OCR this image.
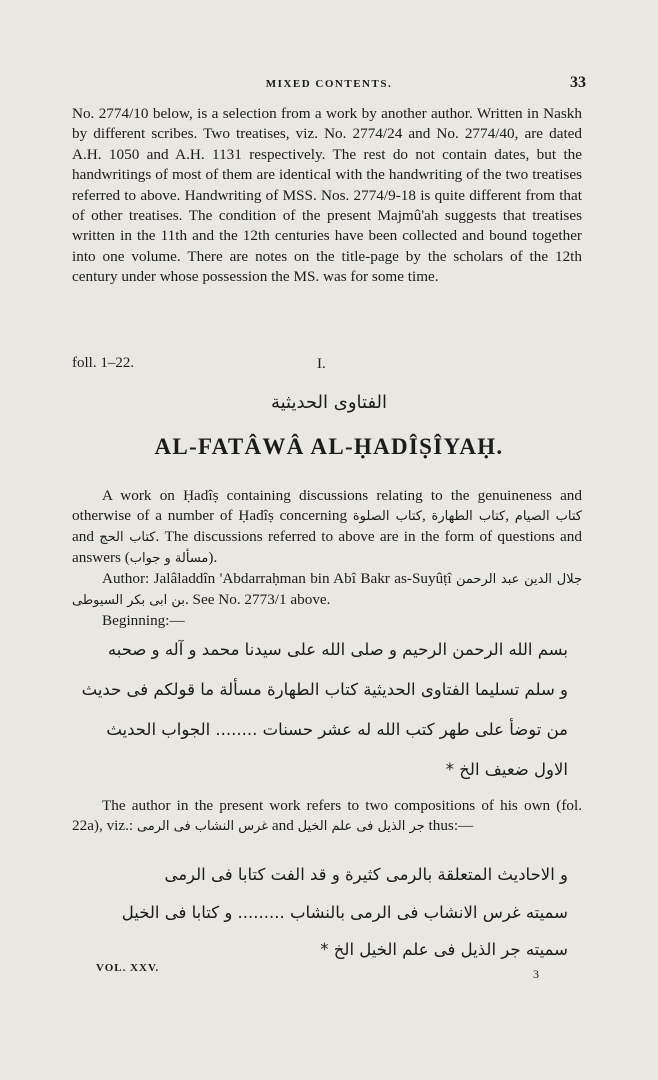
MIXED CONTENTS.	33

No. 2774/10 below, is a selection from a work by another author. Written in Naskh by different scribes. Two treatises, viz. No. 2774/24 and No. 2774/40, are dated A.H. 1050 and A.H. 1131 respectively. The rest do not contain dates, but the handwritings of most of them are identical with the handwriting of the two treatises referred to above. Handwriting of MSS. Nos. 2774/9-18 is quite different from that of other treatises. The condition of the present Majmû'ah suggests that treatises written in the 11th and the 12th centuries have been collected and bound together into one volume. There are notes on the title-page by the scholars of the 12th century under whose possession the MS. was for some time.

foll. 1–22.	I.
الفتاوى الحديثية
AL-FATÂWÂ AL-ḤADÎṢÎYAḤ.

A work on Ḥadîṣ containing discussions relating to the genuineness and otherwise of a number of Ḥadîṣ concerning كتاب الصلوة, كتاب الطهارة, كتاب الصيام and كتاب الحج. The discussions referred to above are in the form of questions and answers (مسألة و جواب).

Author: Jalâladdîn 'Abdarraḥman bin Abî Bakr as-Suyûṭî جلال الدين عبد الرحمن بن ابى بكر السيوطى. See No. 2773/1 above.

Beginning:—

بسم الله الرحمن الرحيم و صلى الله على سيدنا محمد و آله و صحبه
و سلم تسليما الفتاوى الحديثية كتاب الطهارة مسألة ما قولكم فى حديث
من توضأ على طهر كتب الله له عشر حسنات ........ الجواب الحديث
الاول ضعيف الخ *

The author in the present work refers to two compositions of his own (fol. 22a), viz.: غرس النشاب فى الرمى and جر الذيل فى علم الخيل thus:—

و الاحاديث المتعلقة بالرمى كثيرة و قد الفت كتابا فى الرمى
سميته غرس الانشاب فى الرمى بالنشاب ......... و كتابا فى الخيل
سميته جر الذيل فى علم الخيل الخ *
VOL. XXV.	3
